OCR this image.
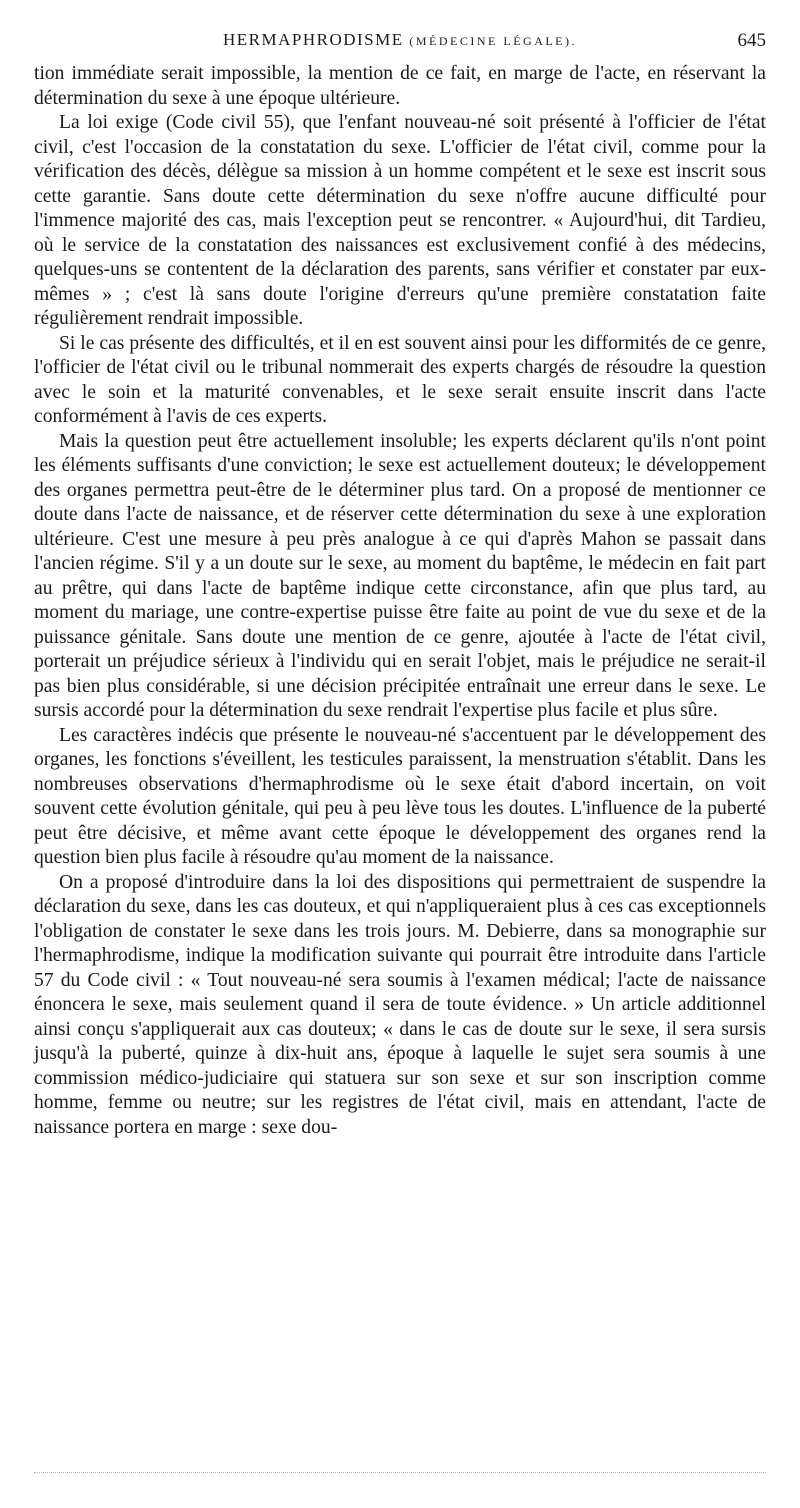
HERMAPHRODISME (MÉDECINE LÉGALE).	645

tion immédiate serait impossible, la mention de ce fait, en marge de l'acte, en réservant la détermination du sexe à une époque ultérieure.

La loi exige (Code civil 55), que l'enfant nouveau-né soit présenté à l'officier de l'état civil, c'est l'occasion de la constatation du sexe. L'officier de l'état civil, comme pour la vérification des décès, délègue sa mission à un homme compétent et le sexe est inscrit sous cette garantie. Sans doute cette détermination du sexe n'offre aucune difficulté pour l'immence majorité des cas, mais l'exception peut se rencontrer. « Aujourd'hui, dit Tardieu, où le service de la constatation des naissances est exclusivement confié à des médecins, quelques-uns se contentent de la déclaration des parents, sans vérifier et constater par eux-mêmes » ; c'est là sans doute l'origine d'erreurs qu'une première constatation faite régulièrement rendrait impossible.

Si le cas présente des difficultés, et il en est souvent ainsi pour les difformités de ce genre, l'officier de l'état civil ou le tribunal nommerait des experts chargés de résoudre la question avec le soin et la maturité convenables, et le sexe serait ensuite inscrit dans l'acte conformément à l'avis de ces experts.

Mais la question peut être actuellement insoluble; les experts déclarent qu'ils n'ont point les éléments suffisants d'une conviction; le sexe est actuellement douteux; le développement des organes permettra peut-être de le déterminer plus tard. On a proposé de mentionner ce doute dans l'acte de naissance, et de réserver cette détermination du sexe à une exploration ultérieure. C'est une mesure à peu près analogue à ce qui d'après Mahon se passait dans l'ancien régime. S'il y a un doute sur le sexe, au moment du baptême, le médecin en fait part au prêtre, qui dans l'acte de baptême indique cette circonstance, afin que plus tard, au moment du mariage, une contre-expertise puisse être faite au point de vue du sexe et de la puissance génitale. Sans doute une mention de ce genre, ajoutée à l'acte de l'état civil, porterait un préjudice sérieux à l'individu qui en serait l'objet, mais le préjudice ne serait-il pas bien plus considérable, si une décision précipitée entraînait une erreur dans le sexe. Le sursis accordé pour la détermination du sexe rendrait l'expertise plus facile et plus sûre.

Les caractères indécis que présente le nouveau-né s'accentuent par le développement des organes, les fonctions s'éveillent, les testicules paraissent, la menstruation s'établit. Dans les nombreuses observations d'hermaphrodisme où le sexe était d'abord incertain, on voit souvent cette évolution génitale, qui peu à peu lève tous les doutes. L'influence de la puberté peut être décisive, et même avant cette époque le développement des organes rend la question bien plus facile à résoudre qu'au moment de la naissance.

On a proposé d'introduire dans la loi des dispositions qui permettraient de suspendre la déclaration du sexe, dans les cas douteux, et qui n'appliqueraient plus à ces cas exceptionnels l'obligation de constater le sexe dans les trois jours. M. Debierre, dans sa monographie sur l'hermaphrodisme, indique la modification suivante qui pourrait être introduite dans l'article 57 du Code civil : « Tout nouveau-né sera soumis à l'examen médical; l'acte de naissance énoncera le sexe, mais seulement quand il sera de toute évidence. » Un article additionnel ainsi conçu s'appliquerait aux cas douteux; « dans le cas de doute sur le sexe, il sera sursis jusqu'à la puberté, quinze à dix-huit ans, époque à laquelle le sujet sera soumis à une commission médico-judiciaire qui statuera sur son sexe et sur son inscription comme homme, femme ou neutre; sur les registres de l'état civil, mais en attendant, l'acte de naissance portera en marge : sexe dou-
